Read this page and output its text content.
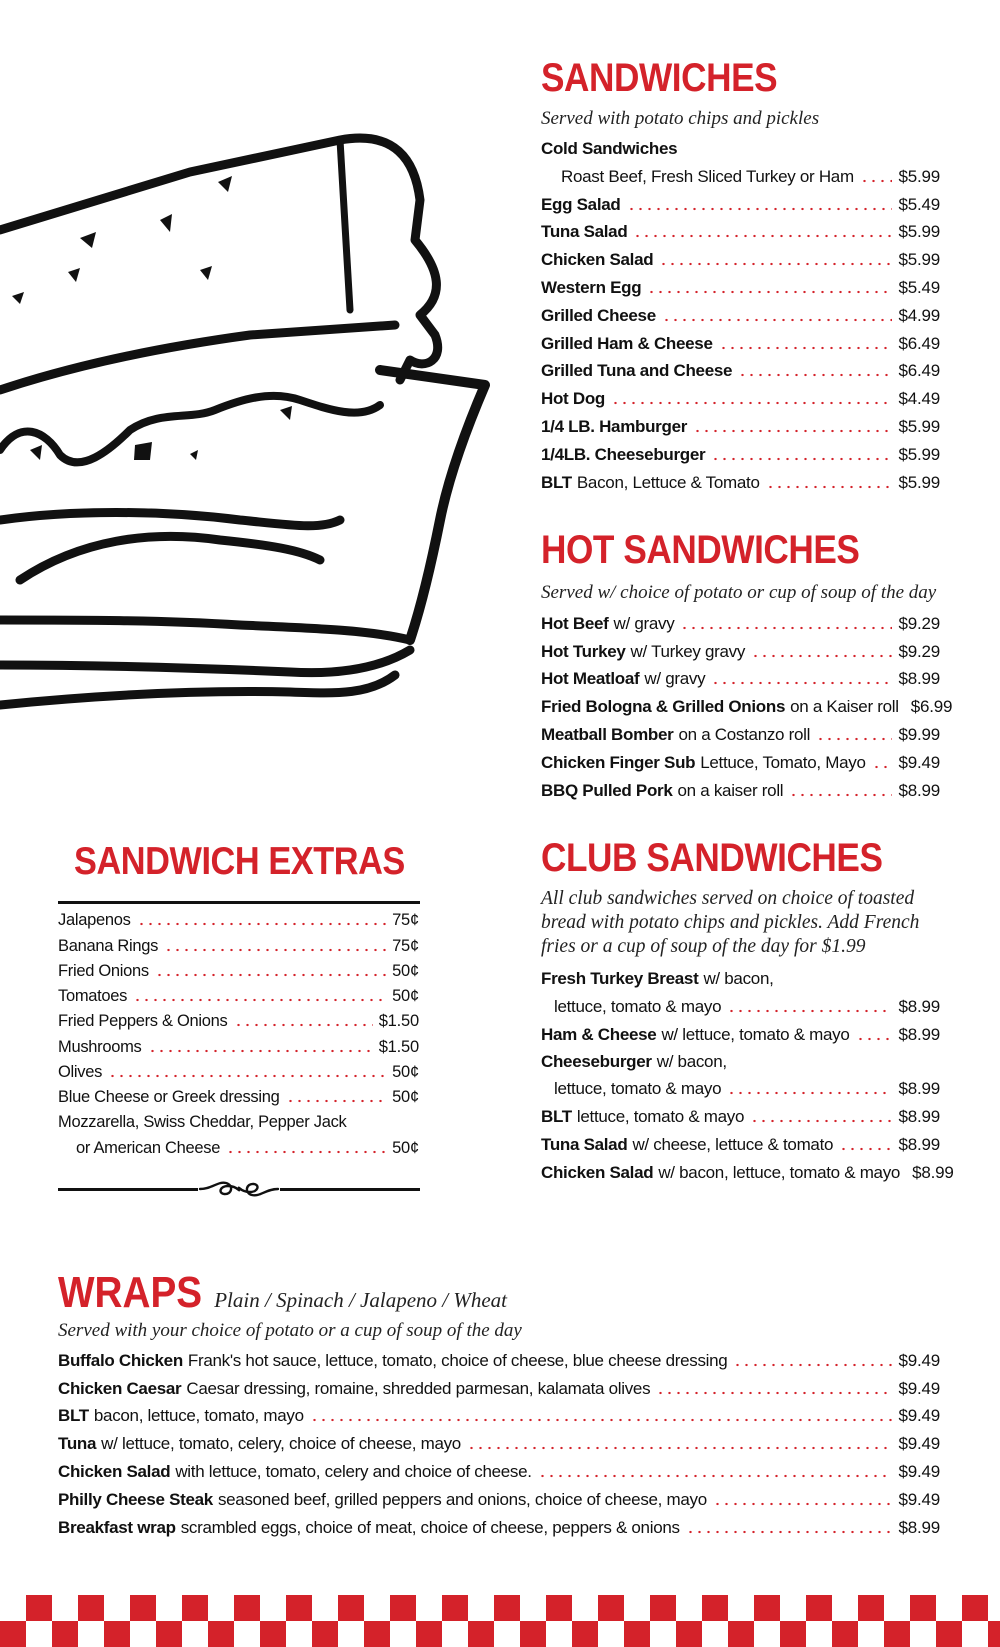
SANDWICHES

Served with potato chips and pickles

Cold Sandwiches
Roast Beef, Fresh Sliced Turkey or Ham	$5.99
Egg Salad	$5.49
Tuna Salad	$5.99
Chicken Salad	$5.99
Western Egg	$5.49
Grilled Cheese	$4.99
Grilled Ham & Cheese	$6.49
Grilled Tuna and Cheese	$6.49
Hot Dog	$4.49
1/4 LB. Hamburger	$5.99
1/4LB. Cheeseburger	$5.99
BLT Bacon, Lettuce & Tomato	$5.99
HOT SANDWICHES

Served w/ choice of potato or cup of soup of the day

Hot Beef w/ gravy	$9.29
Hot Turkey w/ Turkey gravy	$9.29
Hot Meatloaf w/ gravy	$8.99
Fried Bologna & Grilled Onions on a Kaiser roll $6.99
Meatball Bomber on a Costanzo roll	$9.99
Chicken Finger Sub Lettuce, Tomato, Mayo $9.49
BBQ Pulled Pork on a kaiser roll	$8.99
CLUB SANDWICHES

All club sandwiches served on choice of toasted bread with potato chips and pickles. Add French fries or a cup of soup of the day for $1.99

Fresh Turkey Breast w/ bacon,
lettuce, tomato & mayo	$8.99
Ham & Cheese w/ lettuce, tomato & mayo	$8.99
Cheeseburger w/ bacon,
lettuce, tomato & mayo	$8.99
BLT lettuce, tomato & mayo	$8.99
Tuna Salad w/ cheese, lettuce & tomato	$8.99
Chicken Salad w/ bacon, lettuce, tomato & mayo $8.99
SANDWICH EXTRAS
Jalapenos	75¢
Banana Rings	75¢
Fried Onions	50¢
Tomatoes	50¢
Fried Peppers & Onions	$1.50
Mushrooms	$1.50
Olives	50¢
Blue Cheese or Greek dressing	50¢
Mozzarella, Swiss Cheddar, Pepper Jack
or American Cheese	50¢
WRAPS Plain / Spinach / Jalapeno / Wheat

Served with your choice of potato or a cup of soup of the day

Buffalo Chicken Frank's hot sauce, lettuce, tomato, choice of cheese, blue cheese dressing	$9.49
Chicken Caesar Caesar dressing, romaine, shredded parmesan, kalamata olives	$9.49
BLT bacon, lettuce, tomato, mayo	$9.49
Tuna w/ lettuce, tomato, celery, choice of cheese, mayo	$9.49
Chicken Salad with lettuce, tomato, celery and choice of cheese.	$9.49
Philly Cheese Steak seasoned beef, grilled peppers and onions, choice of cheese, mayo	$9.49
Breakfast wrap scrambled eggs, choice of meat, choice of cheese, peppers & onions	$8.99
